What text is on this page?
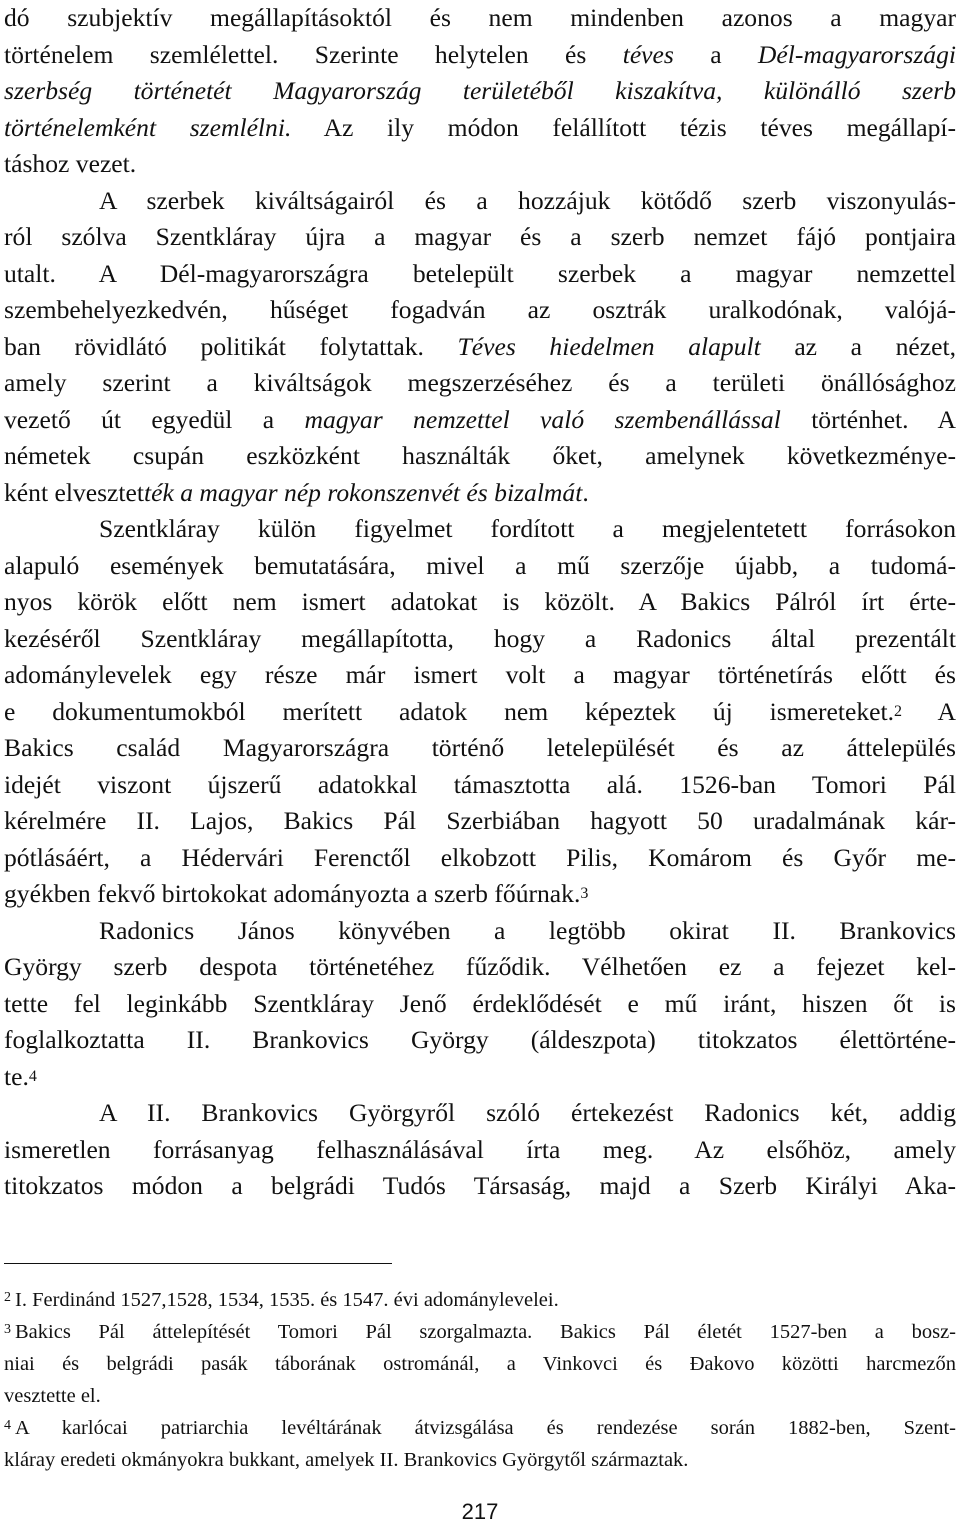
dó szubjektív megállapításoktól és nem mindenben azonos a magyar
történelem szemlélettel. Szerinte helytelen és téves a Dél-magyarországi
szerbség történetét Magyarország területéből kiszakítva, különálló szerb
történelemként szemlélni. Az ily módon felállított tézis téves megállapí-
táshoz vezet.

A szerbek kiváltságairól és a hozzájuk kötődő szerb viszonyulás-
ról szólva Szentkláray újra a magyar és a szerb nemzet fájó pontjaira
utalt. A Dél-magyarországra betelepült szerbek a magyar nemzettel
szembehelyezkedvén, hűséget fogadván az osztrák uralkodónak, valójá-
ban rövidlátó politikát folytattak. Téves hiedelmen alapult az a nézet,
amely szerint a kiváltságok megszerzéséhez és a területi önállósághoz
vezető út egyedül a magyar nemzettel való szembenállással történhet. A
németek csupán eszközként használták őket, amelynek következménye-
ként elvesztették a magyar nép rokonszenvét és bizalmát.

Szentkláray külön figyelmet fordított a megjelentetett forrásokon
alapuló események bemutatására, mivel a mű szerzője újabb, a tudomá-
nyos körök előtt nem ismert adatokat is közölt. A Bakics Pálról írt érte-
kezéséről Szentkláray megállapította, hogy a Radonics által prezentált
adománylevelek egy része már ismert volt a magyar történetírás előtt és
e dokumentumokból merített adatok nem képeztek új ismereteket.$^2$ A
Bakics család Magyarországra történő letelepülését és az áttelepülés
idejét viszont újszerű adatokkal támasztotta alá. 1526-ban Tomori Pál
kérelmére II. Lajos, Bakics Pál Szerbiában hagyott 50 uradalmának kár-
pótlásáért, a Hédervári Ferenctől elkobzott Pilis, Komárom és Győr me-
gyékben fekvő birtokokat adományozta a szerb főúrnak.$^3$

Radonics János könyvében a legtöbb okirat II. Brankovics
György szerb despota történetéhez fűződik. Vélhetően ez a fejezet kel-
tette fel leginkább Szentkláray Jenő érdeklődését e mű iránt, hiszen őt is
foglalkoztatta II. Brankovics György (áldeszpota) titokzatos élettörténe-
te.$^4$

A II. Brankovics Györgyről szóló értekezést Radonics két, addig
ismeretlen forrásanyag felhasználásával írta meg. Az elsőhöz, amely
titokzatos módon a belgrádi Tudós Társaság, majd a Szerb Királyi Aka-

$^2$ I. Ferdinánd 1527,1528, 1534, 1535. és 1547. évi adománylevelei.

$^3$ Bakics Pál áttelepítését Tomori Pál szorgalmazta. Bakics Pál életét 1527-ben a bosz-
niai és belgrádi pasák táborának ostrománál, a Vinkovci és Đakovo közötti harcmezőn
vesztette el.

$^4$ A karlócai patriarchia levéltárának átvizsgálása és rendezése során 1882-ben, Szent-
kláray eredeti okmányokra bukkant, amelyek II. Brankovics Györgytől származtak.

217
